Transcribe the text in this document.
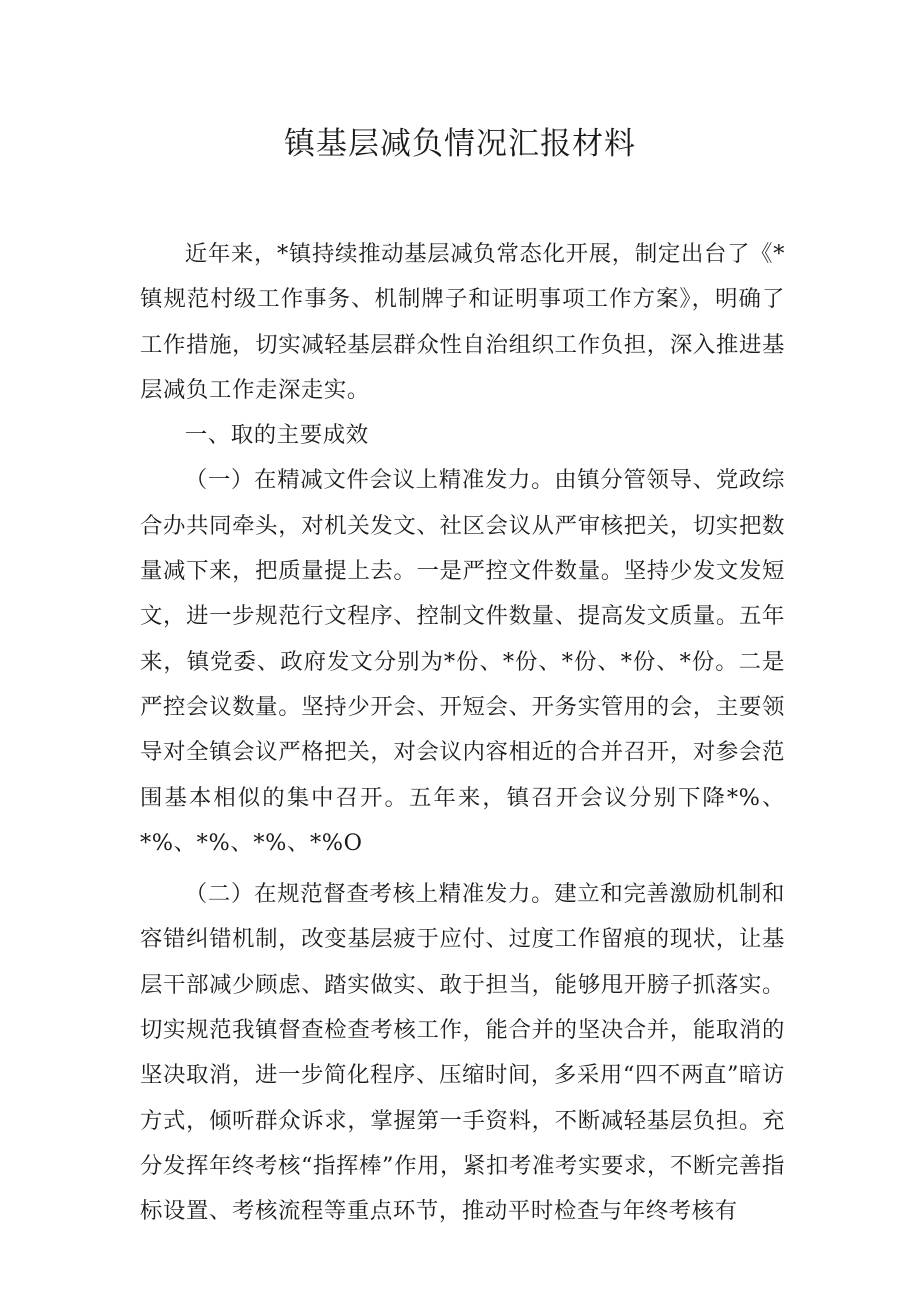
镇基层减负情况汇报材料

近年来，*镇持续推动基层减负常态化开展，制定出台了《*镇规范村级工作事务、机制牌子和证明事项工作方案》，明确了工作措施，切实减轻基层群众性自治组织工作负担，深入推进基层减负工作走深走实。

一、取的主要成效

（一）在精减文件会议上精准发力。由镇分管领导、党政综合办共同牵头，对机关发文、社区会议从严审核把关，切实把数量减下来，把质量提上去。一是严控文件数量。坚持少发文发短文，进一步规范行文程序、控制文件数量、提高发文质量。五年来，镇党委、政府发文分别为*份、*份、*份、*份、*份。二是严控会议数量。坚持少开会、开短会、开务实管用的会，主要领导对全镇会议严格把关，对会议内容相近的合并召开，对参会范围基本相似的集中召开。五年来，镇召开会议分别下降*%、*%、*%、*%、*%O

（二）在规范督查考核上精准发力。建立和完善激励机制和容错纠错机制，改变基层疲于应付、过度工作留痕的现状，让基层干部减少顾虑、踏实做实、敢于担当，能够甩开膀子抓落实。切实规范我镇督查检查考核工作，能合并的坚决合并，能取消的坚决取消，进一步简化程序、压缩时间，多采用“四不两直”暗访方式，倾听群众诉求，掌握第一手资料，不断减轻基层负担。充分发挥年终考核“指挥棒”作用，紧扣考准考实要求，不断完善指标设置、考核流程等重点环节，推动平时检查与年终考核有
